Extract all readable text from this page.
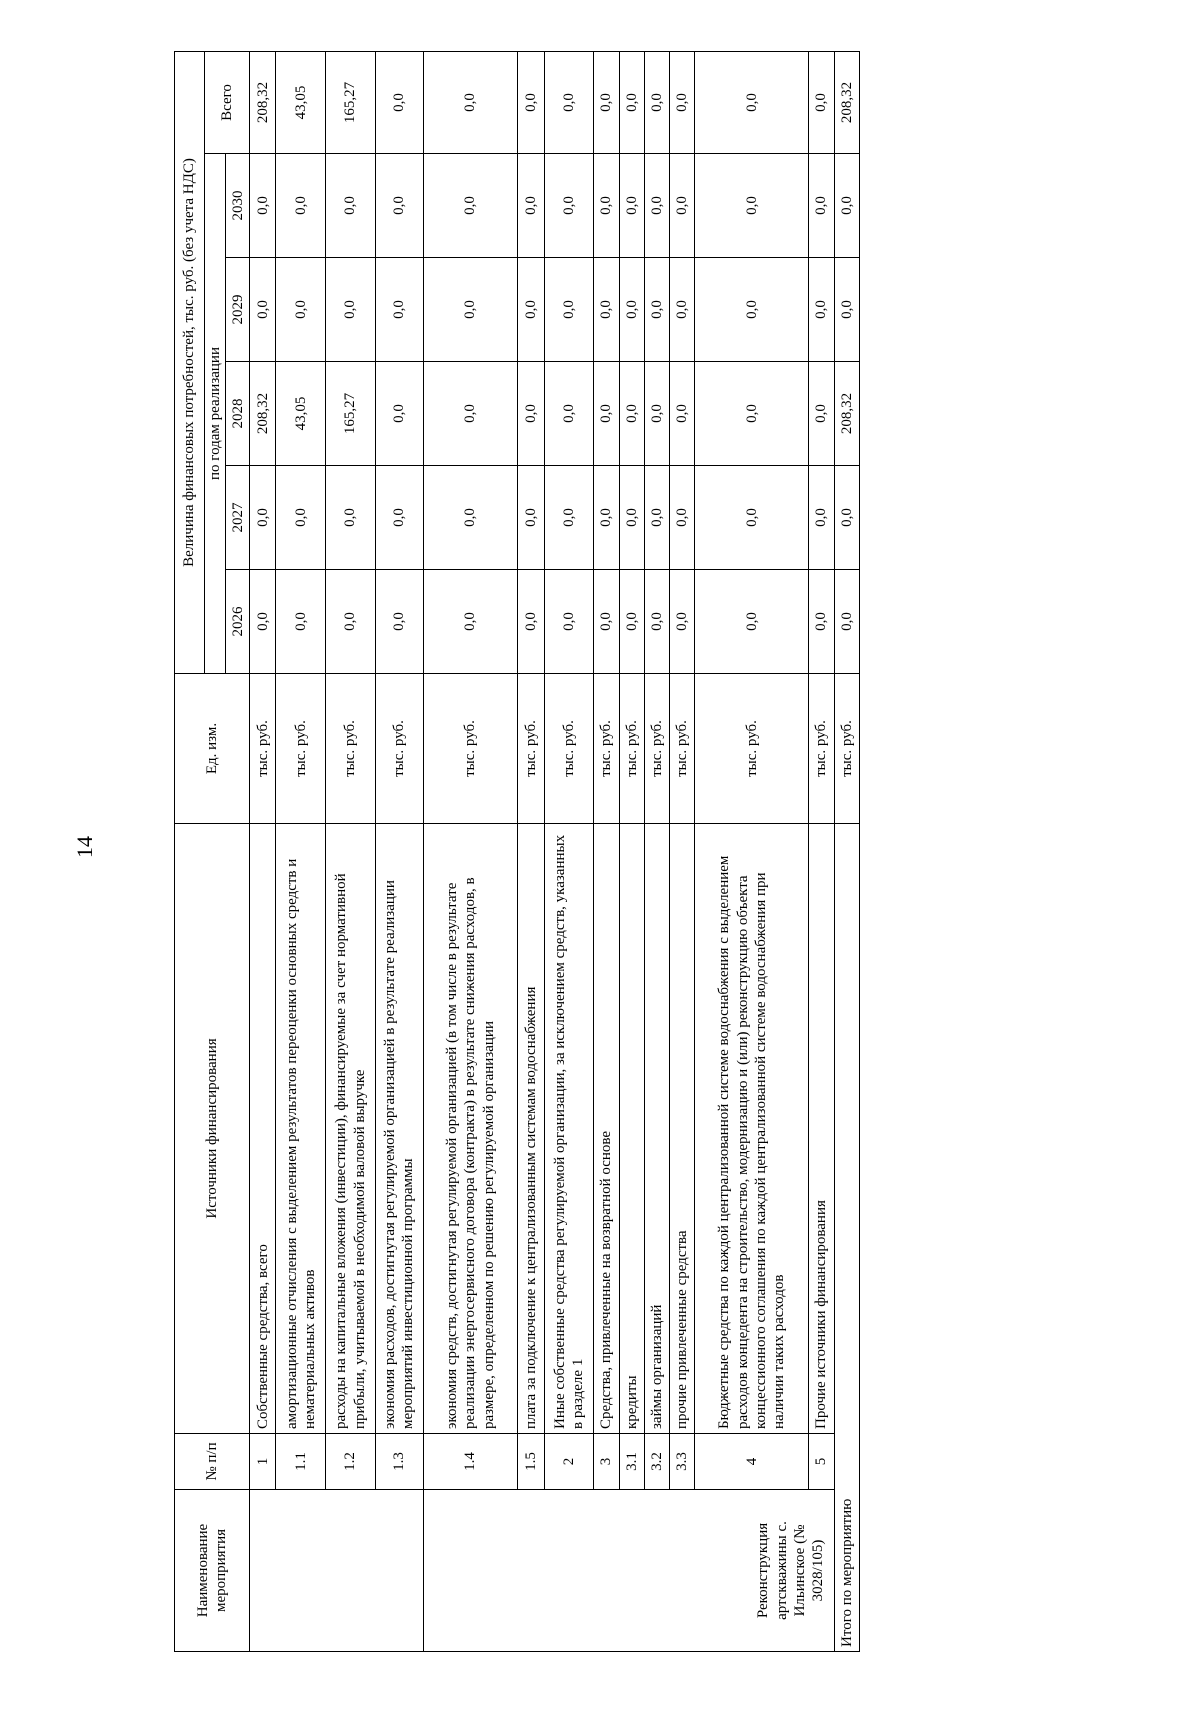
14
Наименование мероприятия	№ п/п	Источники финансирования	Ед. изм.	Величина финансовых потребностей, тыс. руб. (без учета НДС)					
				по годам реализации					Всего
				2026	2027	2028	2029	2030	
	1	Собственные средства, всего	тыс. руб.	0,0	0,0	208,32	0,0	0,0	208,32
	1.1	амортизационные отчисления с выделением результатов переоценки основных средств и нематериальных активов	тыс. руб.	0,0	0,0	43,05	0,0	0,0	43,05
	1.2	расходы на капитальные вложения (инвестиции), финансируемые за счет нормативной прибыли, учитываемой в необходимой валовой выручке	тыс. руб.	0,0	0,0	165,27	0,0	0,0	165,27
	1.3	экономия расходов, достигнутая регулируемой организацией в результате реализации мероприятий инвестиционной программы	тыс. руб.	0,0	0,0	0,0	0,0	0,0	0,0
Реконструкция артскважины с. Ильинское (№ 3028/105)	1.4	экономия средств, достигнутая регулируемой организацией (в том числе в результате реализации энергосервисного договора (контракта) в результате снижения расходов, в размере, определенном по решению регулируемой организации	тыс. руб.	0,0	0,0	0,0	0,0	0,0	0,0
	1.5	плата за подключение к централизованным системам водоснабжения	тыс. руб.	0,0	0,0	0,0	0,0	0,0	0,0
	2	Иные собственные средства регулируемой организации, за исключением средств, указанных в разделе 1	тыс. руб.	0,0	0,0	0,0	0,0	0,0	0,0
	3	Средства, привлеченные на возвратной основе	тыс. руб.	0,0	0,0	0,0	0,0	0,0	0,0
	3.1	кредиты	тыс. руб.	0,0	0,0	0,0	0,0	0,0	0,0
	3.2	займы организаций	тыс. руб.	0,0	0,0	0,0	0,0	0,0	0,0
	3.3	прочие привлеченные средства	тыс. руб.	0,0	0,0	0,0	0,0	0,0	0,0
	4	Бюджетные средства по каждой централизованной системе водоснабжения с выделением расходов концедента на строительство, модернизацию и (или) реконструкцию объекта концессионного соглашения по каждой централизованной системе водоснабжения при наличии таких расходов	тыс. руб.	0,0	0,0	0,0	0,0	0,0	0,0
	5	Прочие источники финансирования	тыс. руб.	0,0	0,0	0,0	0,0	0,0	0,0
Итого по мероприятию			тыс. руб.	0,0	0,0	208,32	0,0	0,0	208,32
